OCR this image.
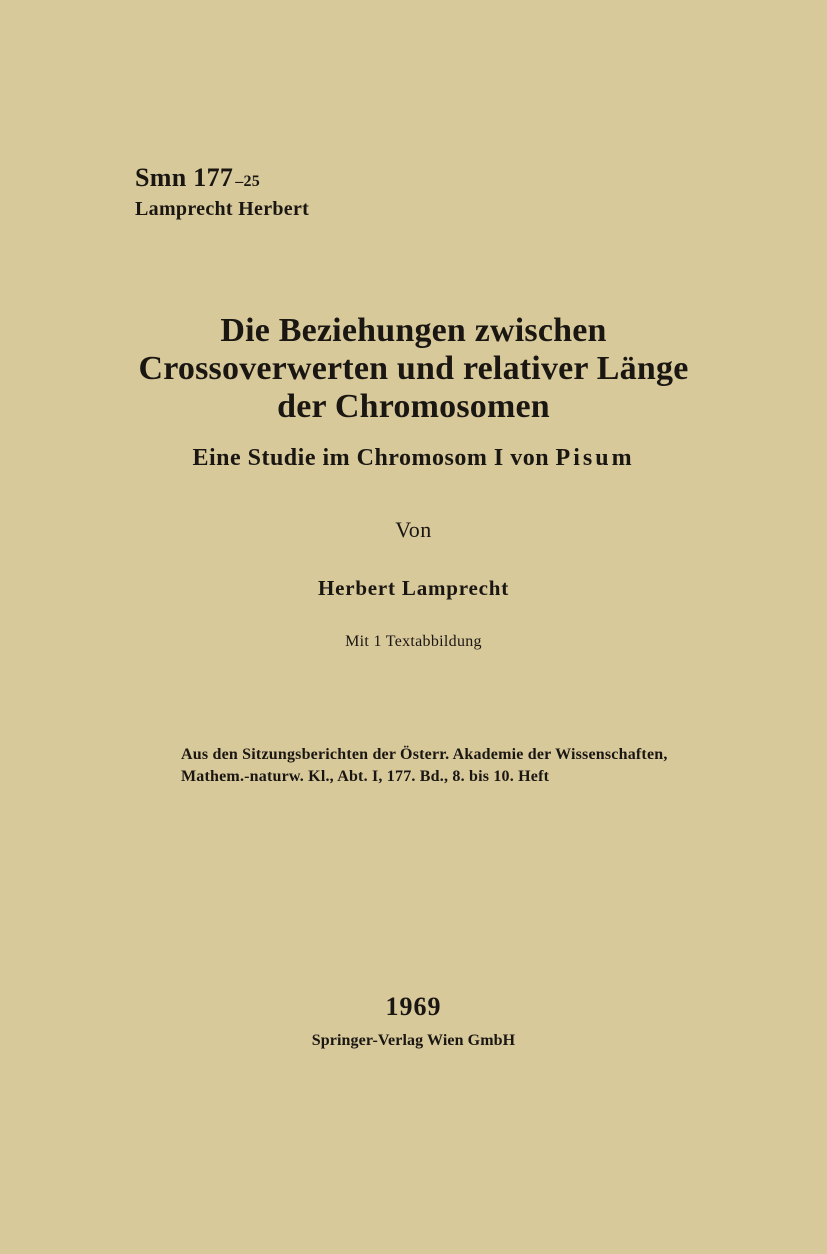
Smn 177 –25
Lamprecht Herbert
Die Beziehungen zwischen
Crossoverwerten und relativer Länge
der Chromosomen
Eine Studie im Chromosom I von Pisum
Von
Herbert Lamprecht
Mit 1 Textabbildung
Aus den Sitzungsberichten der Österr. Akademie der Wissenschaften,
Mathem.-naturw. Kl., Abt. I, 177. Bd., 8. bis 10. Heft
1969
Springer-Verlag Wien GmbH
